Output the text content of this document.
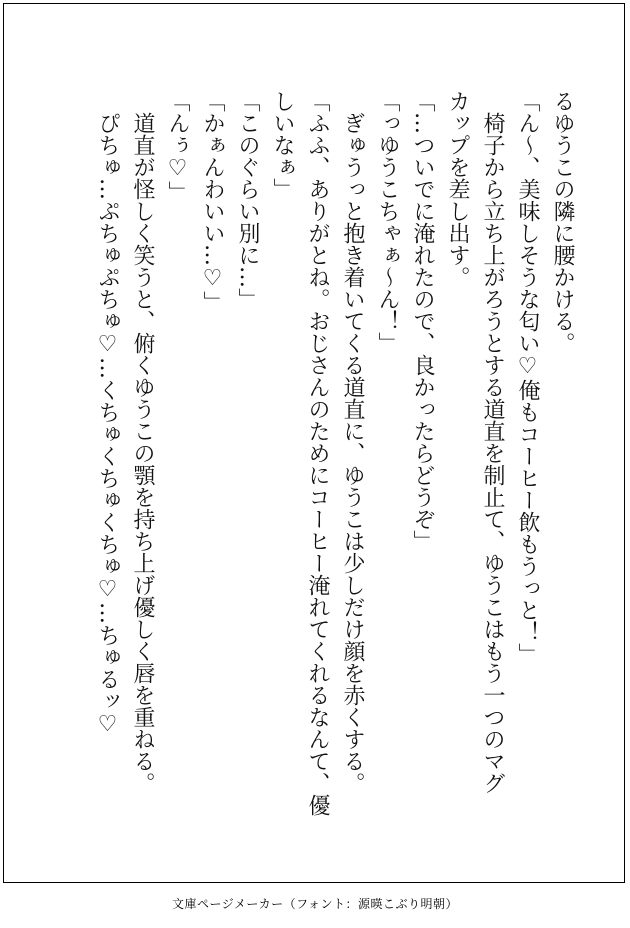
るゆうこの隣に腰かける。
「ん〜、美味しそうな匂い♡俺もコーヒー飲もうっと！」
　椅子から立ち上がろうとする道直を制止て、ゆうこはもう一つのマグ
カップを差し出す。
「…ついでに淹れたので、良かったらどうぞ」
「っゆうこちゃぁ〜ん！」
　ぎゅうっと抱き着いてくる道直に、ゆうこは少しだけ顔を赤くする。
「ふふ、ありがとね。おじさんのためにコーヒー淹れてくれるなんて、優
しいなぁ」
「このぐらい別に…」
「かぁんわいい…♡」
「んぅ♡」
　道直が怪しく笑うと、俯くゆうこの顎を持ち上げ優しく唇を重ねる。
　ぴちゅ…ぷちゅぷちゅ♡…くちゅくちゅくちゅ♡…ちゅるッ♡
文庫ページメーカー（フォント：源暎こぶり明朝）
